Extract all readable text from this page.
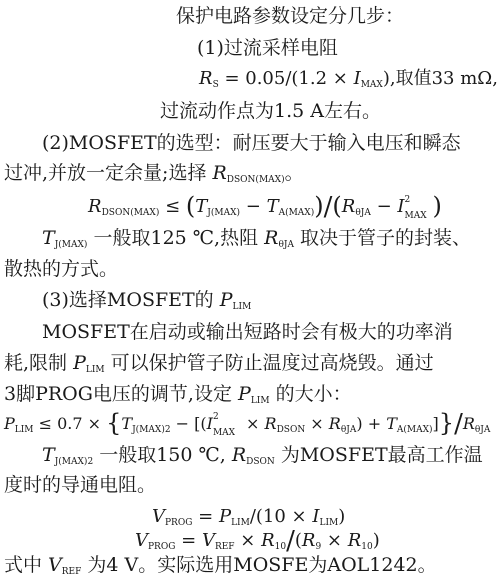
保护电路参数设定分几步：
(1)过流采样电阻
$R_S = 0.05/(1.2 \times I_{MAX})$,取值33 mΩ,
过流动作点为1.5 A左右。
(2)MOSFET的选型：耐压要大于输入电压和瞬态
过冲,并放一定余量;选择 $R_{DSON(MAX)}$。
$R_{DSON(MAX)} \le (T_{J(MAX)} - T_{A(MAX)})/(R_{\theta JA} - I$ 2
MAX )
$T_{J(MAX)}$ 一般取125 ℃,热阻 $R_{\theta JA}$ 取决于管子的封装、
散热的方式。
(3)选择MOSFET的 $P_{LIM}$
MOSFET在启动或输出短路时会有极大的功率消
耗,限制 $P_{LIM}$ 可以保护管子防止温度过高烧毁。通过
3脚PROG电压的调节,设定 $P_{LIM}$ 的大小：
$P_{LIM} \le 0.7 \times \{T_{J(MAX)2} - [(I$ 2
MAX × $R_{DSON} \times R_{\theta JA}) + T_{A(MAX)}]\}/R_{\theta JA}$
$T_{J(MAX)2}$ 一般取150 ℃, $R_{DSON}$ 为MOSFET最高工作温
度时的导通电阻。
$V_{PROG} = P_{LIM}/(10 \times I_{LIM})$
$V_{PROG} = V_{REF} \times R_{10}/(R_9 \times R_{10})$
式中 $V_{REF}$ 为4 V。实际选用MOSFE为AOL1242。
